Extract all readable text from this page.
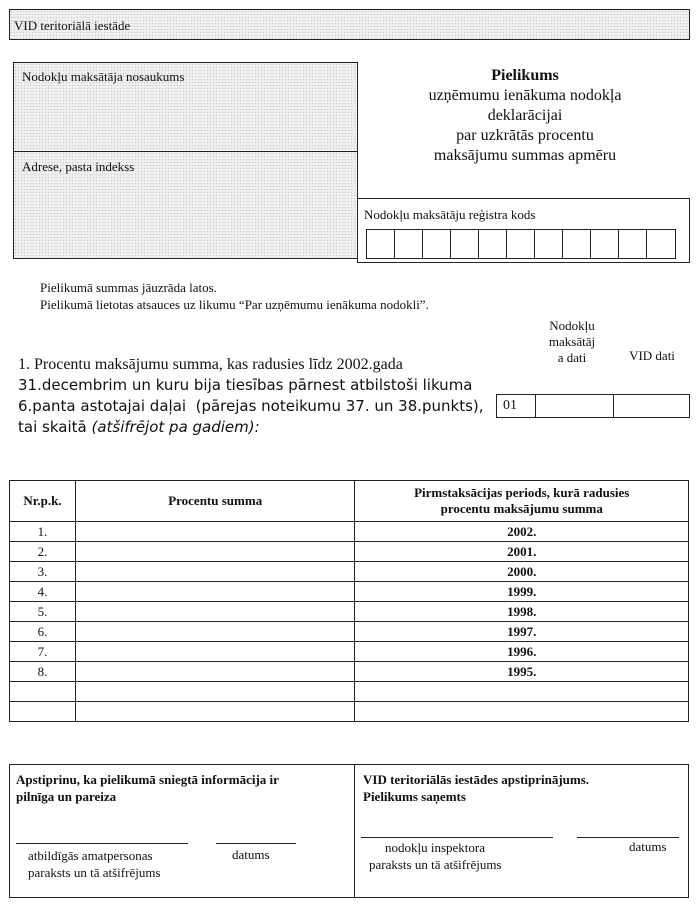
VID teritoriālā iestāde
Nodokļu maksātāja nosaukums
Adrese, pasta indekss
Pielikums
uzņēmumu ienākuma nodokļa
deklarācijai
par uzkrātās procentu
maksājumu summas apmēru
Nodokļu maksātāju reģistra kods
Pielikumā summas jāuzrāda latos.
Pielikumā lietotas atsauces uz likumu “Par uzņēmumu ienākuma nodokli”.
Nodokļu
maksātāj
a dati	VID dati
1. Procentu maksājumu summa, kas radusies līdz 2002.gada
31.decembrim un kuru bija tiesības pārnest atbilstoši likuma
6.panta astotajai daļai (pārejas noteikumu 37. un 38.punkts),
tai skaitā (atšifrējot pa gadiem):
01
Nr.p.k.	Procentu summa	Pirmstaksācijas periods, kurā radusies
procentu maksājumu summa

1.		2002.
2.		2001.
3.		2000.
4.		1999.
5.		1998.
6.		1997.
7.		1996.
8.		1995.

Apstiprinu, ka pielikumā sniegtā informācija ir
pilnīga un pareiza
atbildīgās amatpersonas
paraksts un tā atšifrējums
datums
VID teritoriālās iestādes apstiprinājums.
Pielikums saņemts
nodokļu inspektora
paraksts un tā atšifrējums
datums
